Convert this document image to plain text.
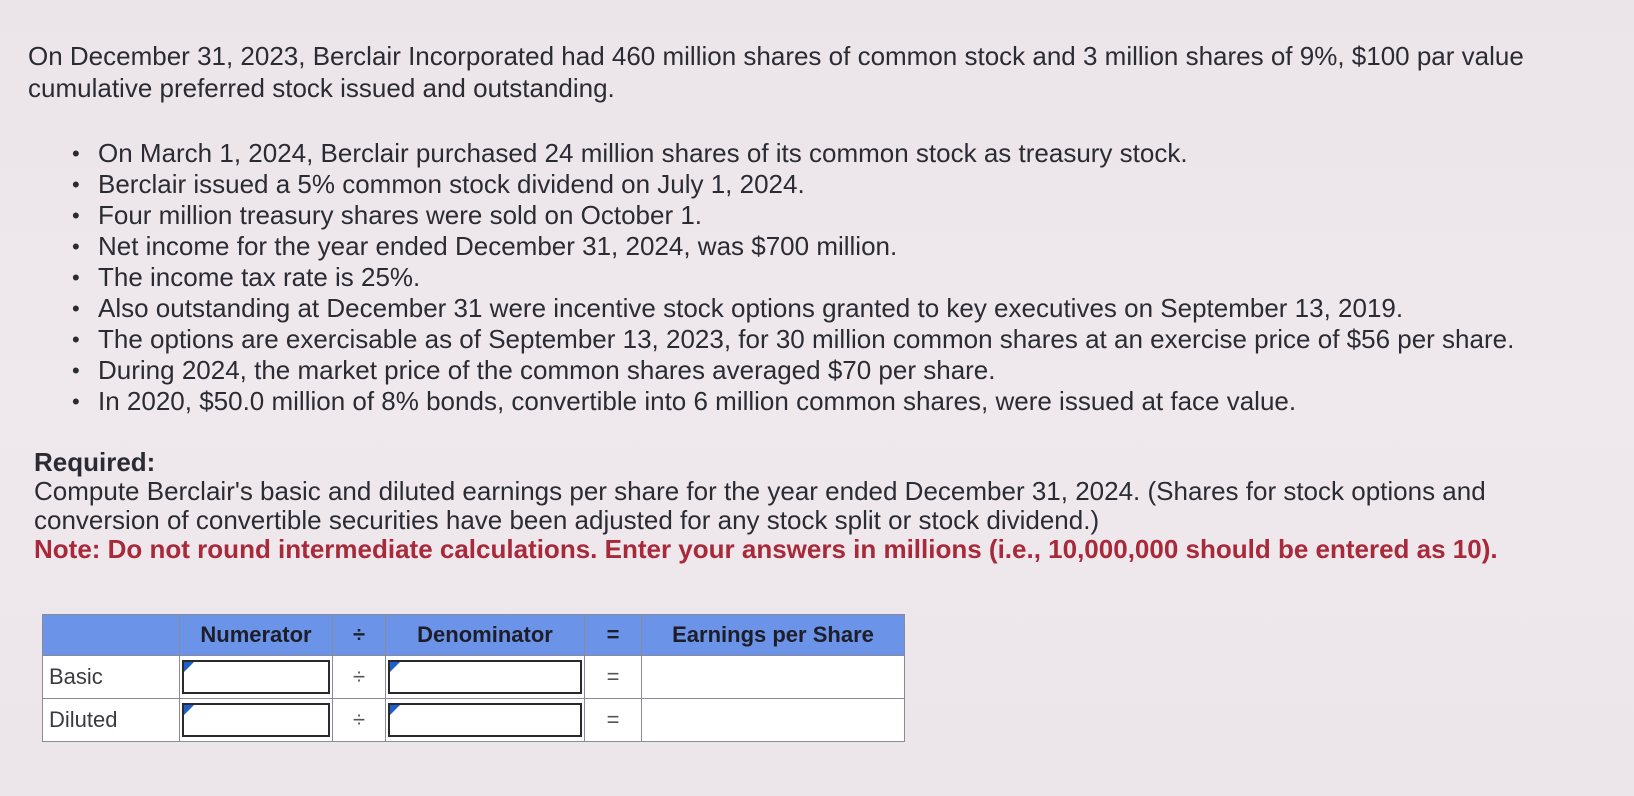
On December 31, 2023, Berclair Incorporated had 460 million shares of common stock and 3 million shares of 9%, $100 par value cumulative preferred stock issued and outstanding.

• On March 1, 2024, Berclair purchased 24 million shares of its common stock as treasury stock.
• Berclair issued a 5% common stock dividend on July 1, 2024.
• Four million treasury shares were sold on October 1.
• Net income for the year ended December 31, 2024, was $700 million.
• The income tax rate is 25%.
• Also outstanding at December 31 were incentive stock options granted to key executives on September 13, 2019.
• The options are exercisable as of September 13, 2023, for 30 million common shares at an exercise price of $56 per share.
• During 2024, the market price of the common shares averaged $70 per share.
• In 2020, $50.0 million of 8% bonds, convertible into 6 million common shares, were issued at face value.

Required:

Compute Berclair's basic and diluted earnings per share for the year ended December 31, 2024. (Shares for stock options and conversion of convertible securities have been adjusted for any stock split or stock dividend.)

Note: Do not round intermediate calculations. Enter your answers in millions (i.e., 10,000,000 should be entered as 10).

	Numerator	÷	Denominator	=	Earnings per Share
Basic		÷		=	
Diluted		÷		=	
